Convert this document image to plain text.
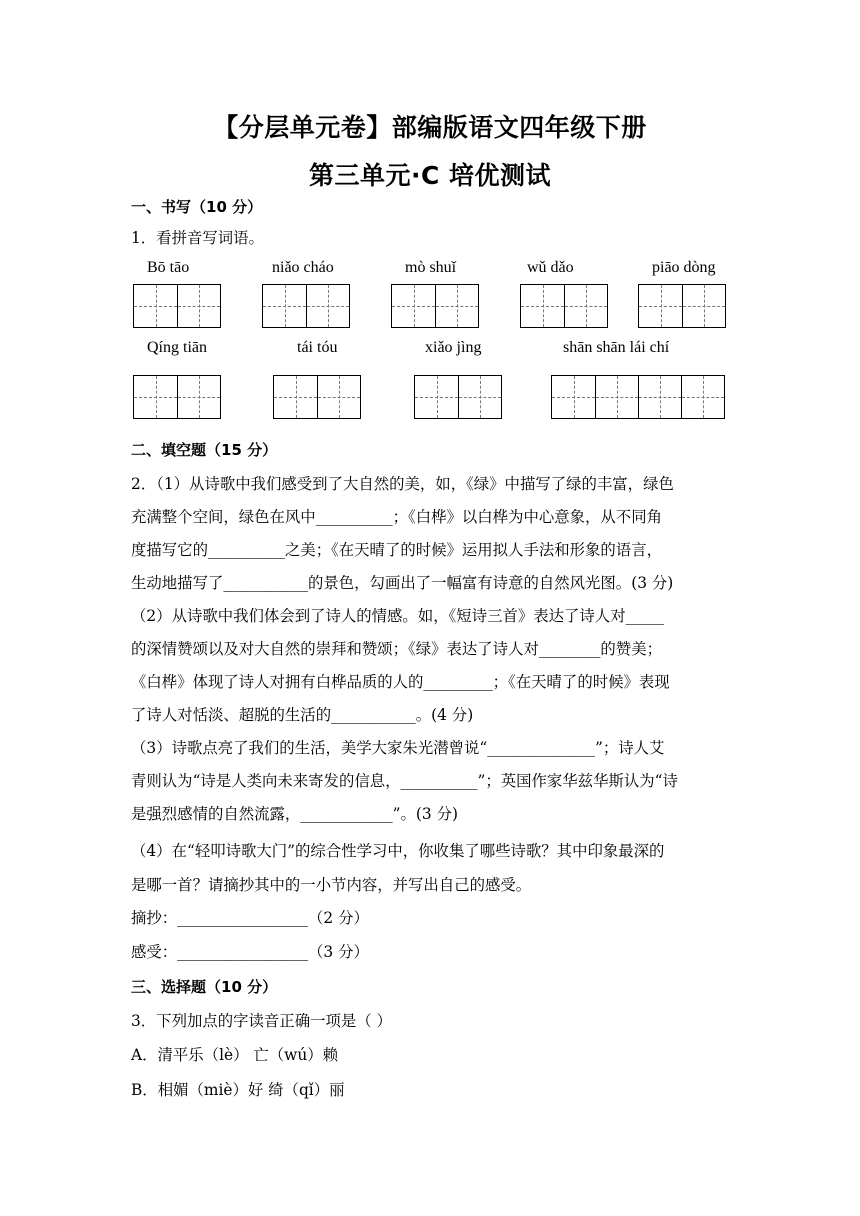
【分层单元卷】部编版语文四年级下册
第三单元·C 培优测试
一、书写（10 分）
1．看拼音写词语。
Bō tāo	niǎo cháo	mò shuǐ	wǔ dǎo	piāo dòng
Qíng tiān	tái tóu	xiǎo jìng	shān shān lái chí
二、填空题（15 分）
2．（1）从诗歌中我们感受到了大自然的美，如，《绿》中描写了绿的丰富，绿色
充满整个空间，绿色在风中__________；《白桦》以白桦为中心意象，从不同角
度描写它的__________之美；《在天晴了的时候》运用拟人手法和形象的语言，
生动地描写了___________的景色，勾画出了一幅富有诗意的自然风光图。(3 分)
（2）从诗歌中我们体会到了诗人的情感。如，《短诗三首》表达了诗人对_____
的深情赞颂以及对大自然的崇拜和赞颂；《绿》表达了诗人对________的赞美；
《白桦》体现了诗人对拥有白桦品质的人的_________；《在天晴了的时候》表现
了诗人对恬淡、超脱的生活的___________。(4 分)
（3）诗歌点亮了我们的生活，美学大家朱光潜曾说“______________”；诗人艾
青则认为“诗是人类向未来寄发的信息，__________”；英国作家华兹华斯认为“诗
是强烈感情的自然流露，____________”。(3 分)
（4）在“轻叩诗歌大门”的综合性学习中，你收集了哪些诗歌？其中印象最深的
是哪一首？请摘抄其中的一小节内容，并写出自己的感受。
摘抄：_________________（2 分）
感受：_________________（3 分）
三、选择题（10 分）
3．下列加点的字读音正确一项是（ ）
A．清平乐（lè） 亡（wú）赖
B．相媚（miè）好 绮（qǐ）丽
